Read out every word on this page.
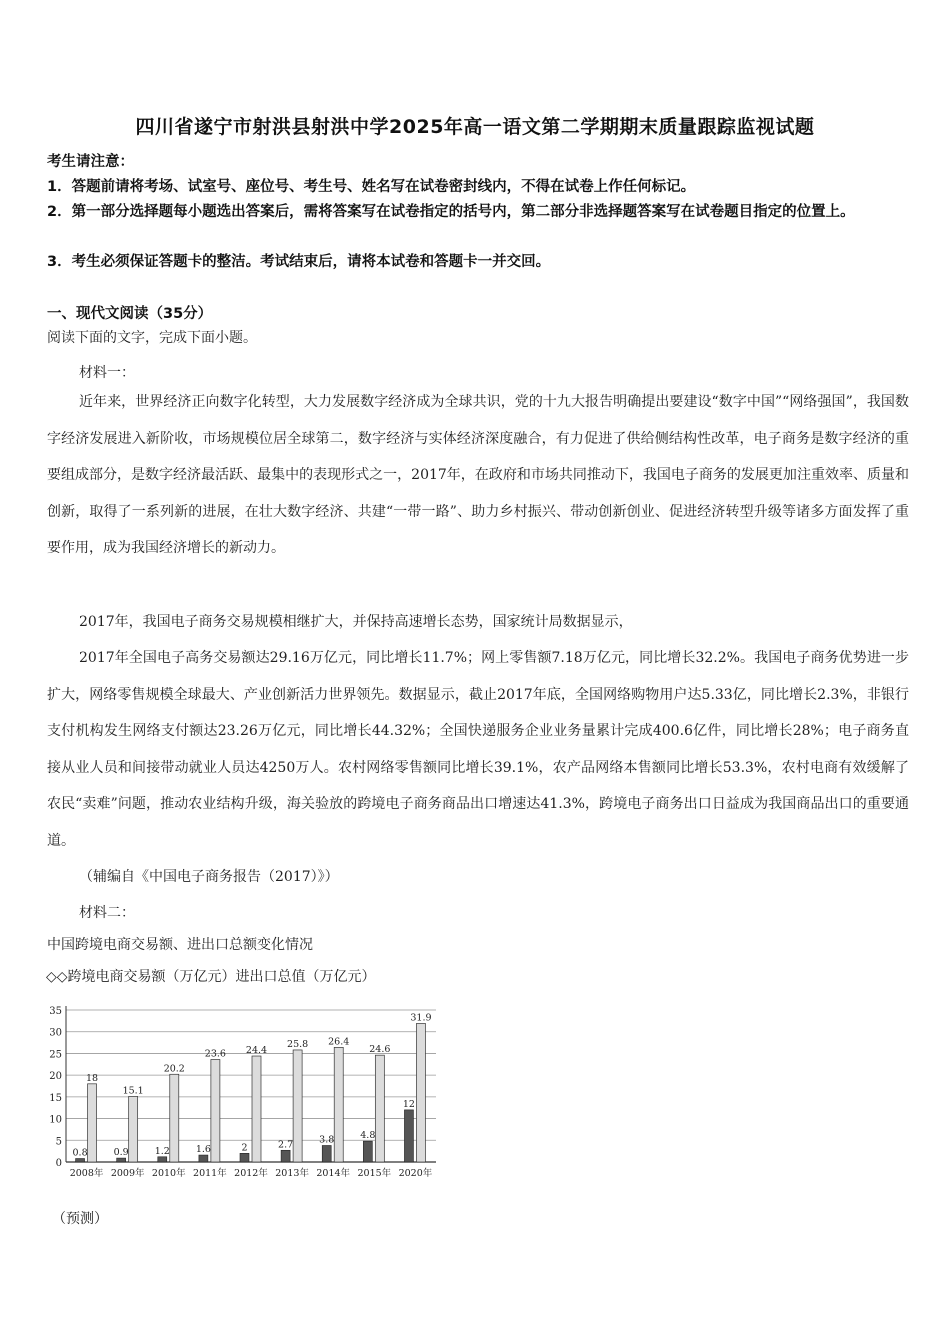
四川省遂宁市射洪县射洪中学2025年高一语文第二学期期末质量跟踪监视试题
考生请注意：
1．答题前请将考场、试室号、座位号、考生号、姓名写在试卷密封线内，不得在试卷上作任何标记。
2．第一部分选择题每小题选出答案后，需将答案写在试卷指定的括号内，第二部分非选择题答案写在试卷题目指定的位置上。
3．考生必须保证答题卡的整洁。考试结束后，请将本试卷和答题卡一并交回。
一、现代文阅读（35分）
阅读下面的文字，完成下面小题。
材料一：
近年来，世界经济正向数字化转型，大力发展数字经济成为全球共识，党的十九大报告明确提出要建设“数字中国”“网络强国”，我国数字经济发展进入新阶收，市场规模位居全球第二，数字经济与实体经济深度融合，有力促进了供给侧结构性改革，电子商务是数字经济的重要组成部分，是数字经济最活跃、最集中的表现形式之一，2017年，在政府和市场共同推动下，我国电子商务的发展更加注重效率、质量和创新，取得了一系列新的进展，在壮大数字经济、共建“一带一路”、助力乡村振兴、带动创新创业、促进经济转型升级等诸多方面发挥了重要作用，成为我国经济增长的新动力。
2017年，我国电子商务交易规模相继扩大，并保持高速增长态势，国家统计局数据显示，
2017年全国电子高务交易额达29.16万亿元，同比增长11.7%；网上零售额7.18万亿元，同比增长32.2%。我国电子商务优势进一步扩大，网络零售规模全球最大、产业创新活力世界领先。数据显示，截止2017年底，全国网络购物用户达5.33亿，同比增长2.3%，非银行支付机构发生网络支付额达23.26万亿元，同比增长44.32%；全国快递服务企业业务量累计完成400.6亿件，同比增长28%；电子商务直接从业人员和间接带动就业人员达4250万人。农村网络零售额同比增长39.1%，农产品网络本售额同比增长53.3%，农村电商有效缓解了农民“卖难”问题，推动农业结构升级，海关验放的跨境电子商务商品出口增速达41.3%，跨境电子商务出口日益成为我国商品出口的重要通道。
（辅编自《中国电子商务报告（2017）》）
材料二：
中国跨境电商交易额、进出口总额变化情况
◇◇跨境电商交易额（万亿元）进出口总值（万亿元）
0
5
10
15
20
25
30
35
0.8
18
2008年
0.9
15.1
2009年
1.2
20.2
2010年
1.6
23.6
2011年
2
24.4
2012年
2.7
25.8
2013年
3.8
26.4
2014年
4.8
24.6
2015年
12
31.9
2020年
（预测）
